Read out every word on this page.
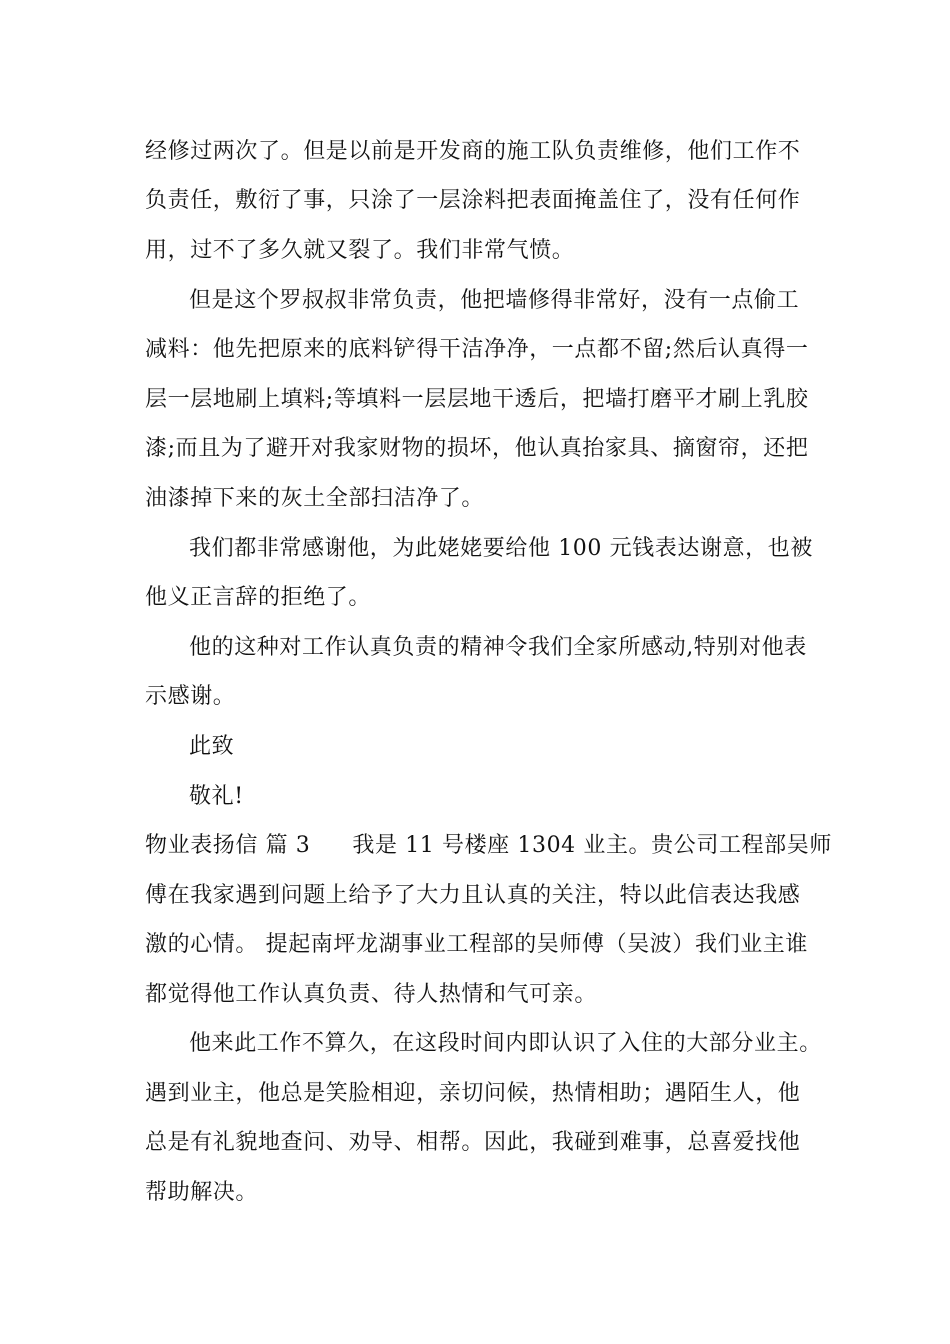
经修过两次了。但是以前是开发商的施工队负责维修，他们工作不
负责任，敷衍了事，只涂了一层涂料把表面掩盖住了，没有任何作
用，过不了多久就又裂了。我们非常气愤。
但是这个罗叔叔非常负责，他把墙修得非常好，没有一点偷工
减料：他先把原来的底料铲得干洁净净，一点都不留;然后认真得一
层一层地刷上填料;等填料一层层地干透后，把墙打磨平才刷上乳胶
漆;而且为了避开对我家财物的损坏，他认真抬家具、摘窗帘，还把
油漆掉下来的灰土全部扫洁净了。
我们都非常感谢他，为此姥姥要给他 100 元钱表达谢意，也被
他义正言辞的拒绝了。
他的这种对工作认真负责的精神令我们全家所感动,特别对他表
示感谢。
此致
敬礼!
物业表扬信 篇 3 我是 11 号楼座 1304 业主。贵公司工程部吴师
傅在我家遇到问题上给予了大力且认真的关注，特以此信表达我感
激的心情。 提起南坪龙湖事业工程部的吴师傅（吴波）我们业主谁
都觉得他工作认真负责、待人热情和气可亲。
他来此工作不算久，在这段时间内即认识了入住的大部分业主。
遇到业主，他总是笑脸相迎，亲切问候，热情相助；遇陌生人，他
总是有礼貌地查问、劝导、相帮。因此，我碰到难事，总喜爱找他
帮助解决。
